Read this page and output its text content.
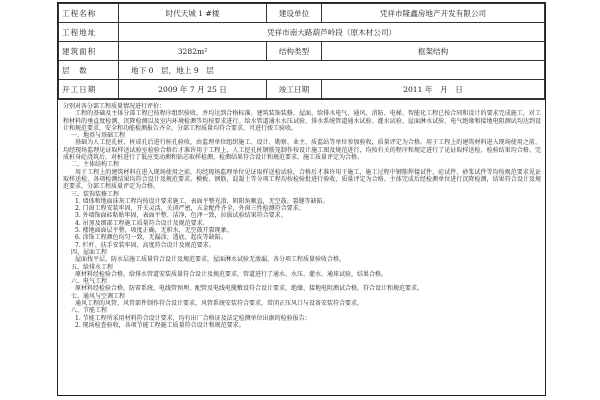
工程名称	时代天城 1 #楼	建设单位	凭祥市隆鑫房地产开发有限公司
工程地址	凭祥市南大路葫芦岭段（原木材公司）		
建筑面积	3282m²	结构类型	框架结构
层　数	地下 0　层，地上 9　层		
开工日期	2009 年 7 月 25 日	竣工日期	2011 年　月　日

分别对各分部工程质量情况进行评价：

工程的基础及主体分部工程已按程序组织验收，并均达到合格标准。建筑装饰装修、屋面、给排水电气、通风、消防、电梯、智能化工程已按合同和设计的要求完成施工，对工程材料的垂直度检测、沉降检测以及室内环境检测等均按要求进行。给水管道通水水压试验、排水系统管道通水试验、灌水试验、屋面淋水试验、电气绝缘和接地电阻测试均达到设计和规范要求，安全和功能检测报告齐全，分部工程质量均符合要求，可进行竣工验收。

一、地基与基础工程

基础为人工挖孔桩，桩成孔后进行桩孔验收，由监理单位组织施工、设计、勘察、业主、质监站等单位参加验收，质量评定为合格。用于工程上的建筑材料进入现场使用之前，均经现场监理见证取样送试验室检验合格后才准许用于工程上，人工挖孔桩钢筋笼制作按设计施工图及规范进行，均按有关的程序和规定进行了见证取样送检，检验结果均合格。完成桩身砼浇筑后，对桩进行了低应变动测和钻芯取样检测，检测结果符合设计和规范要求，施工质量评定为合格。

二、主体结构工程

用于工程上的建筑材料在进入现场使用之前，均经现场监理单位见证取样送检试验，合格后才准许用于施工，施工过程中钢筋焊接试件、砼试件、砂浆试件等均按规范要求见证取样送检，各项检测结果均符合设计及规范要求。模板、钢筋、混凝土等分项工程均按检验批进行验收，质量评定为合格。主体完成后经检测单位进行沉降检测，结果符合设计及规范要求，分部工程质量评定为合格。

三、装饰装修工程

1. 墙体和地面抹灰工程均按设计要求施工，表面平整光滑，阴阳角顺直，无空鼓、裂缝等缺陷。

2. 门窗工程安装牢固，开关灵活，关闭严密，五金配件齐全，外窗三性检测符合要求。

3. 外墙饰面砖粘贴牢固，表面平整、洁净，色泽一致，拉拔试验结果符合要求。

4. 吊顶及细部工程施工质量符合设计及规范要求。

5. 楼地面面层平整，坡度正确，无积水，无空鼓开裂现象。

6. 涂饰工程颜色均匀一致，无漏涂、透底、起皮等缺陷。

7. 栏杆、扶手安装牢固，高度符合设计及规范要求。

四、屋面工程

屋面找平层、防水层施工质量符合设计及规范要求，屋面淋水试验无渗漏，各分项工程质量验收合格。

五、给排水工程

原材料经检验合格，给排水管道安装质量符合设计及规范要求，管道进行了通水、水压、灌水、通球试验，结果合格。

六、电气工程

原材料经检验合格，防雷系统、电线管预埋、配管及电线电缆敷设符合设计要求，绝缘、接地电阻测试合格，符合设计和规范要求。

七、通风与空调工程

通风工程的风管、风管部件制作符合设计要求，风管系统安装符合要求，常闭正压风口与设备安装符合要求。

八、节能工程

1. 节能工程所采用材料符合设计要求，均有出厂合格证及法定检测单位出据的检验报告；

2. 现场检查验收，各项节能工程施工质量符合设计和规范要求。
